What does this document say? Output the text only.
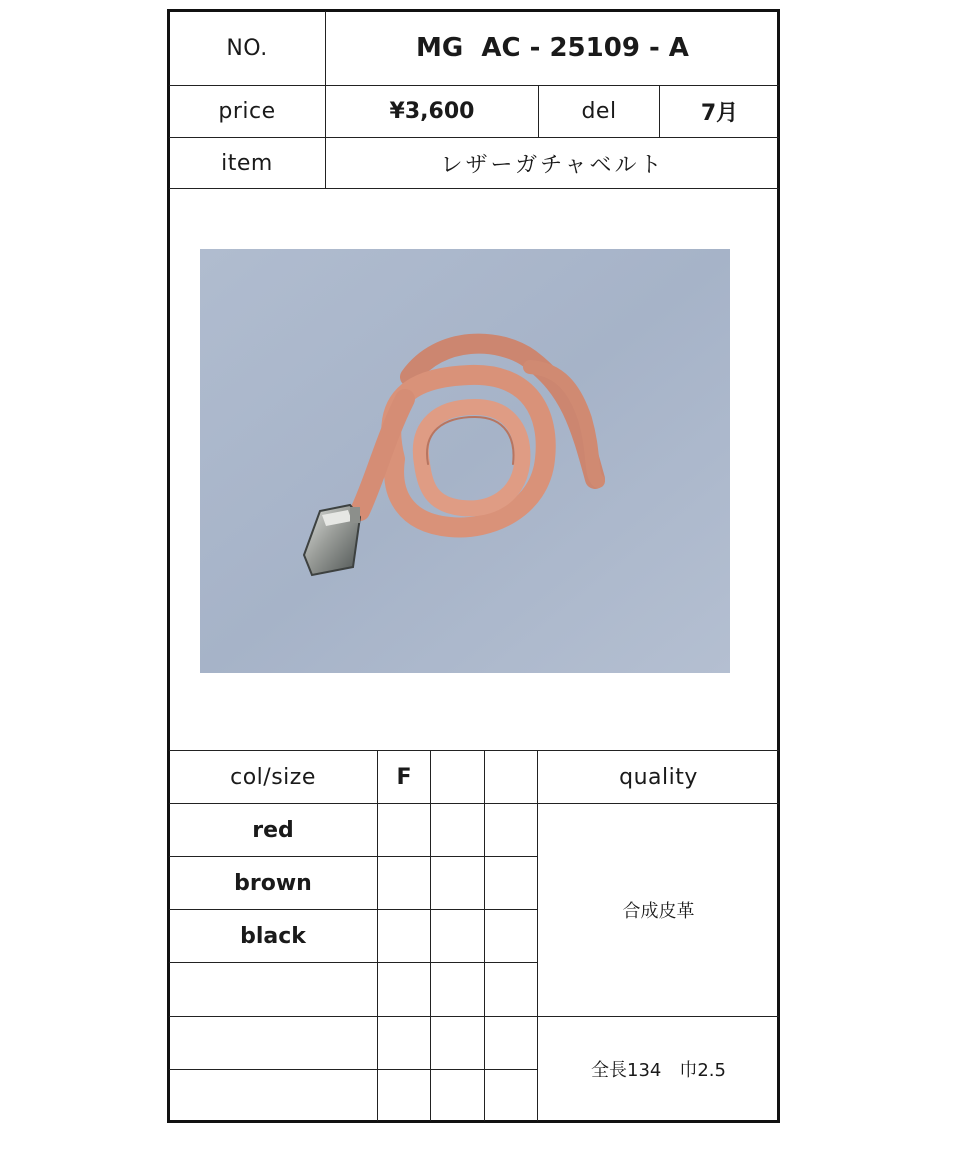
NO.	MG  AC - 25109 - A
price	¥3,600	del	7月
item	レザーガチャベルト
col/size	F	quality
red
brown
black
合成皮革
全長134　巾2.5
